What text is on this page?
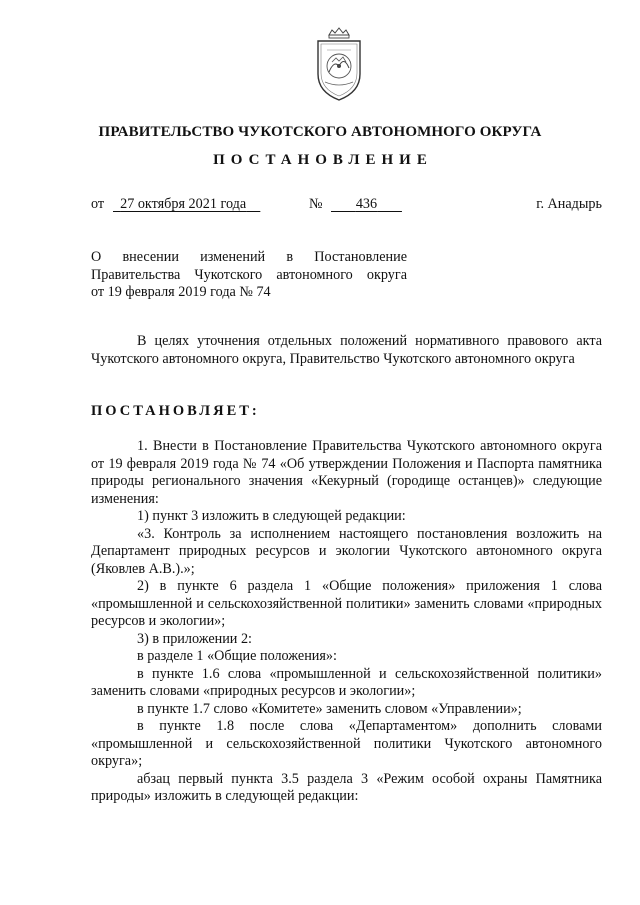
ПРАВИТЕЛЬСТВО ЧУКОТСКОГО АВТОНОМНОГО ОКРУГА
ПОСТАНОВЛЕНИЕ
от	27 октября 2021 года	№	436	г. Анадырь
О внесении изменений в Постановление
Правительства Чукотского автономного округа
от 19 февраля 2019 года № 74

В целях уточнения отдельных положений нормативного правового акта Чукотского автономного округа, Правительство Чукотского автономного округа

ПОСТАНОВЛЯЕТ:

1. Внести в Постановление Правительства Чукотского автономного округа от 19 февраля 2019 года № 74 «Об утверждении Положения и Паспорта памятника природы регионального значения «Кекурный (городище останцев)» следующие изменения:

1) пункт 3 изложить в следующей редакции:

«3. Контроль за исполнением настоящего постановления возложить на Департамент природных ресурсов и экологии Чукотского автономного округа (Яковлев А.В.).»;

2) в пункте 6 раздела 1 «Общие положения» приложения 1 слова «промышленной и сельскохозяйственной политики» заменить словами «природных ресурсов и экологии»;

3) в приложении 2:

в разделе 1 «Общие положения»:

в пункте 1.6 слова «промышленной и сельскохозяйственной политики» заменить словами «природных ресурсов и экологии»;

в пункте 1.7 слово «Комитете» заменить словом «Управлении»;

в пункте 1.8 после слова «Департаментом» дополнить словами «промышленной и сельскохозяйственной политики Чукотского автономного округа»;

абзац первый пункта 3.5 раздела 3 «Режим особой охраны Памятника природы» изложить в следующей редакции:
